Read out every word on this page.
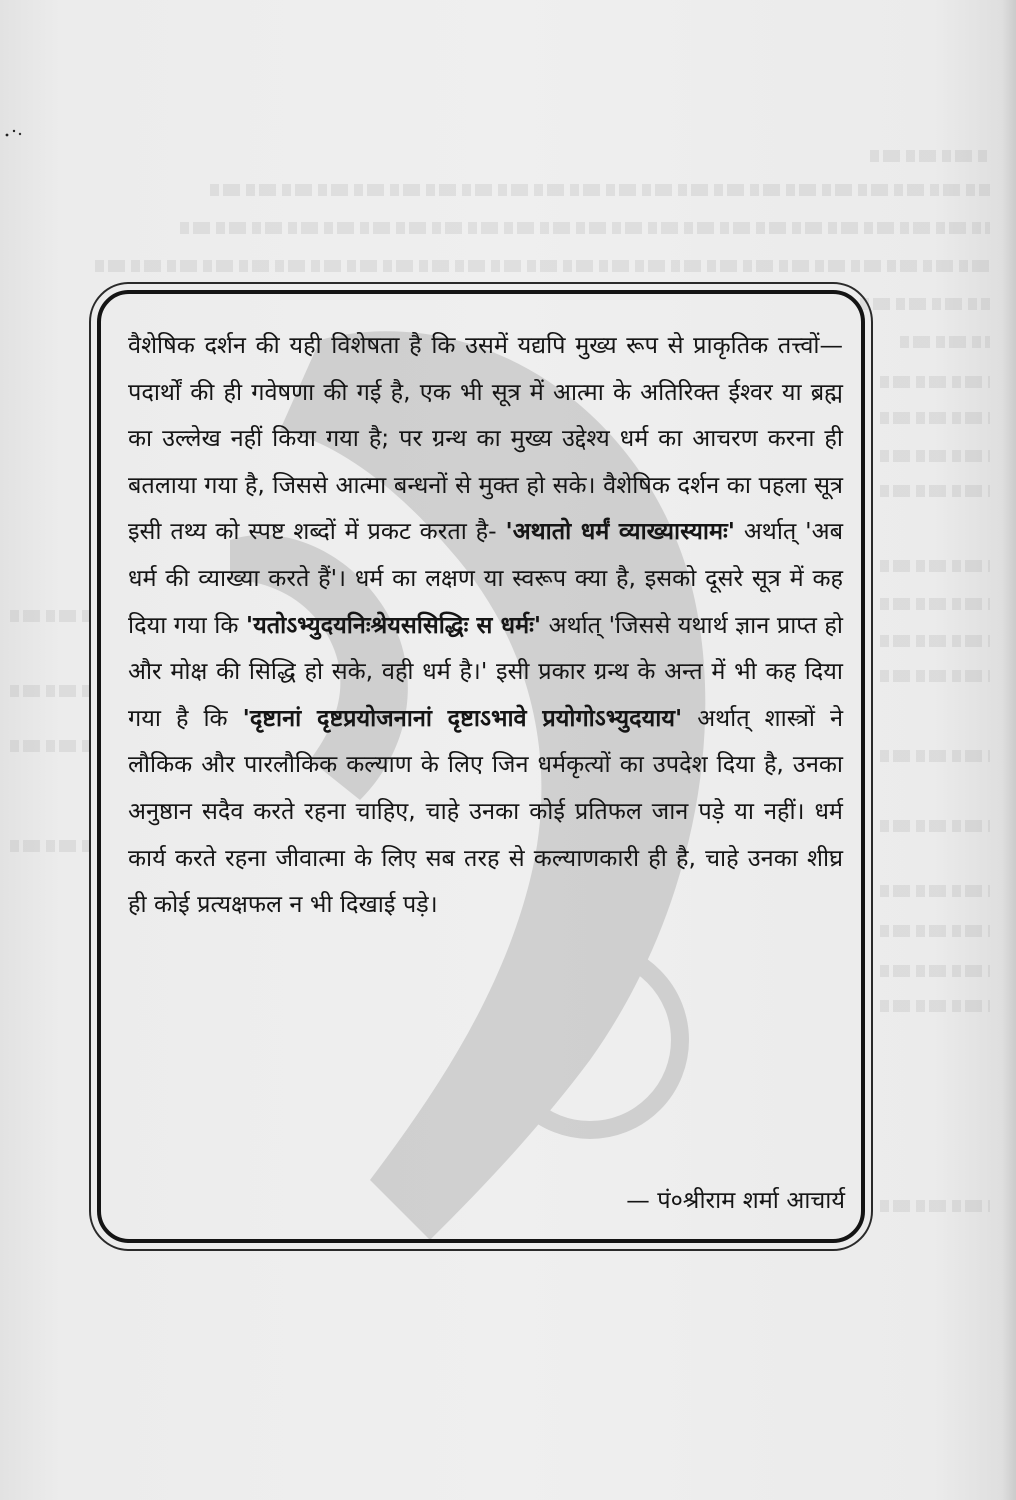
वैशेषिक दर्शन की यही विशेषता है कि उसमें यद्यपि मुख्य रूप से प्राकृतिक तत्त्वों— पदार्थों की ही गवेषणा की गई है, एक भी सूत्र में आत्मा के अतिरिक्त ईश्वर या ब्रह्म का उल्लेख नहीं किया गया है; पर ग्रन्थ का मुख्य उद्देश्य धर्म का आचरण करना ही बतलाया गया है, जिससे आत्मा बन्धनों से मुक्त हो सके। वैशेषिक दर्शन का पहला सूत्र इसी तथ्य को स्पष्ट शब्दों में प्रकट करता है- 'अथातो धर्मं व्याख्यास्यामः' अर्थात् 'अब धर्म की व्याख्या करते हैं'। धर्म का लक्षण या स्वरूप क्या है, इसको दूसरे सूत्र में कह दिया गया कि 'यतोऽभ्युदयनिःश्रेयससिद्धिः स धर्मः' अर्थात् 'जिससे यथार्थ ज्ञान प्राप्त हो और मोक्ष की सिद्धि हो सके, वही धर्म है।' इसी प्रकार ग्रन्थ के अन्त में भी कह दिया गया है कि 'दृष्टानां दृष्टप्रयोजनानां दृष्टाऽभावे प्रयोगोऽभ्युदयाय' अर्थात् शास्त्रों ने लौकिक और पारलौकिक कल्याण के लिए जिन धर्मकृत्यों का उपदेश दिया है, उनका अनुष्ठान सदैव करते रहना चाहिए, चाहे उनका कोई प्रतिफल जान पड़े या नहीं। धर्म कार्य करते रहना जीवात्मा के लिए सब तरह से कल्याणकारी ही है, चाहे उनका शीघ्र ही कोई प्रत्यक्षफल न भी दिखाई पड़े।

— पं०श्रीराम शर्मा आचार्य
